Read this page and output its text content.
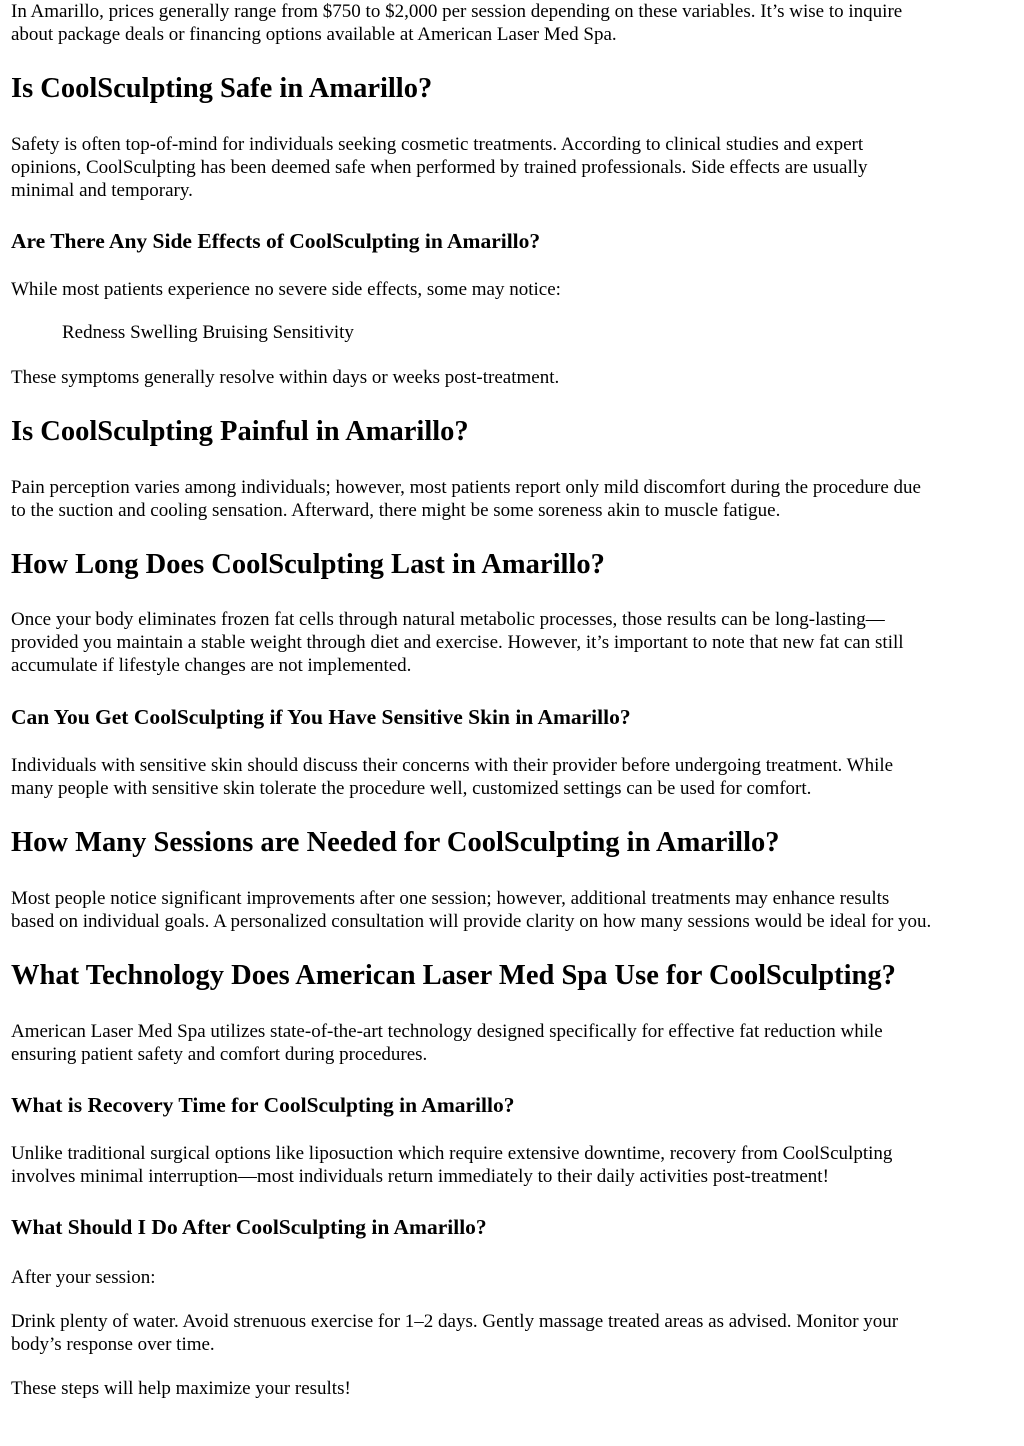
In Amarillo, prices generally range from $750 to $2,000 per session depending on these variables. It’s wise to inquire
about package deals or financing options available at American Laser Med Spa.

Is CoolSculpting Safe in Amarillo?

Safety is often top-of-mind for individuals seeking cosmetic treatments. According to clinical studies and expert
opinions, CoolSculpting has been deemed safe when performed by trained professionals. Side effects are usually
minimal and temporary.

Are There Any Side Effects of CoolSculpting in Amarillo?

While most patients experience no severe side effects, some may notice:

Redness Swelling Bruising Sensitivity

These symptoms generally resolve within days or weeks post-treatment.

Is CoolSculpting Painful in Amarillo?

Pain perception varies among individuals; however, most patients report only mild discomfort during the procedure due
to the suction and cooling sensation. Afterward, there might be some soreness akin to muscle fatigue.

How Long Does CoolSculpting Last in Amarillo?

Once your body eliminates frozen fat cells through natural metabolic processes, those results can be long-lasting—
provided you maintain a stable weight through diet and exercise. However, it’s important to note that new fat can still
accumulate if lifestyle changes are not implemented.

Can You Get CoolSculpting if You Have Sensitive Skin in Amarillo?

Individuals with sensitive skin should discuss their concerns with their provider before undergoing treatment. While
many people with sensitive skin tolerate the procedure well, customized settings can be used for comfort.

How Many Sessions are Needed for CoolSculpting in Amarillo?

Most people notice significant improvements after one session; however, additional treatments may enhance results
based on individual goals. A personalized consultation will provide clarity on how many sessions would be ideal for you.

What Technology Does American Laser Med Spa Use for CoolSculpting?

American Laser Med Spa utilizes state-of-the-art technology designed specifically for effective fat reduction while
ensuring patient safety and comfort during procedures.

What is Recovery Time for CoolSculpting in Amarillo?

Unlike traditional surgical options like liposuction which require extensive downtime, recovery from CoolSculpting
involves minimal interruption—most individuals return immediately to their daily activities post-treatment!

What Should I Do After CoolSculpting in Amarillo?

After your session:

Drink plenty of water. Avoid strenuous exercise for 1–2 days. Gently massage treated areas as advised. Monitor your
body’s response over time.

These steps will help maximize your results!
